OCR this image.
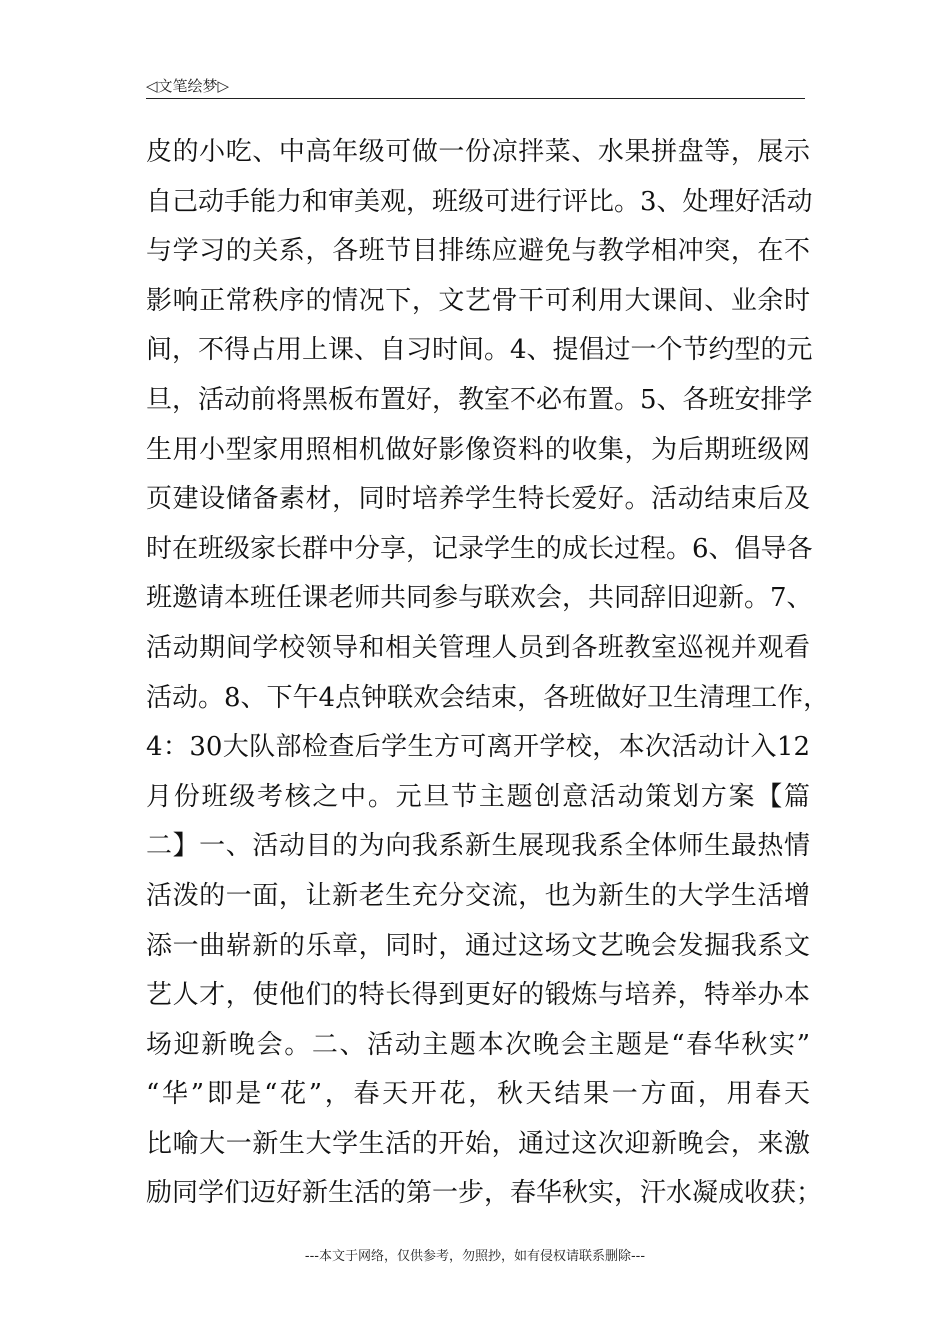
◁文笔绘梦▷
皮的小吃、中高年级可做一份凉拌菜、水果拼盘等，展示
自己动手能力和审美观，班级可进行评比。3、处理好活动
与学习的关系，各班节目排练应避免与教学相冲突，在不
影响正常秩序的情况下，文艺骨干可利用大课间、业余时
间，不得占用上课、自习时间。4、提倡过一个节约型的元
旦，活动前将黑板布置好，教室不必布置。5、各班安排学
生用小型家用照相机做好影像资料的收集，为后期班级网
页建设储备素材，同时培养学生特长爱好。活动结束后及
时在班级家长群中分享，记录学生的成长过程。6、倡导各
班邀请本班任课老师共同参与联欢会，共同辞旧迎新。7、
活动期间学校领导和相关管理人员到各班教室巡视并观看
活动。8、下午4点钟联欢会结束，各班做好卫生清理工作，
4：30大队部检查后学生方可离开学校，本次活动计入12
月份班级考核之中。元旦节主题创意活动策划方案【篇
二】一、活动目的为向我系新生展现我系全体师生最热情
活泼的一面，让新老生充分交流，也为新生的大学生活增
添一曲崭新的乐章，同时，通过这场文艺晚会发掘我系文
艺人才，使他们的特长得到更好的锻炼与培养，特举办本
场迎新晚会。二、活动主题本次晚会主题是“春华秋实”
“华”即是“花”，春天开花，秋天结果一方面，用春天
比喻大一新生大学生活的开始，通过这次迎新晚会，来激
励同学们迈好新生活的第一步，春华秋实，汗水凝成收获；
---本文于网络，仅供参考，勿照抄，如有侵权请联系删除---
